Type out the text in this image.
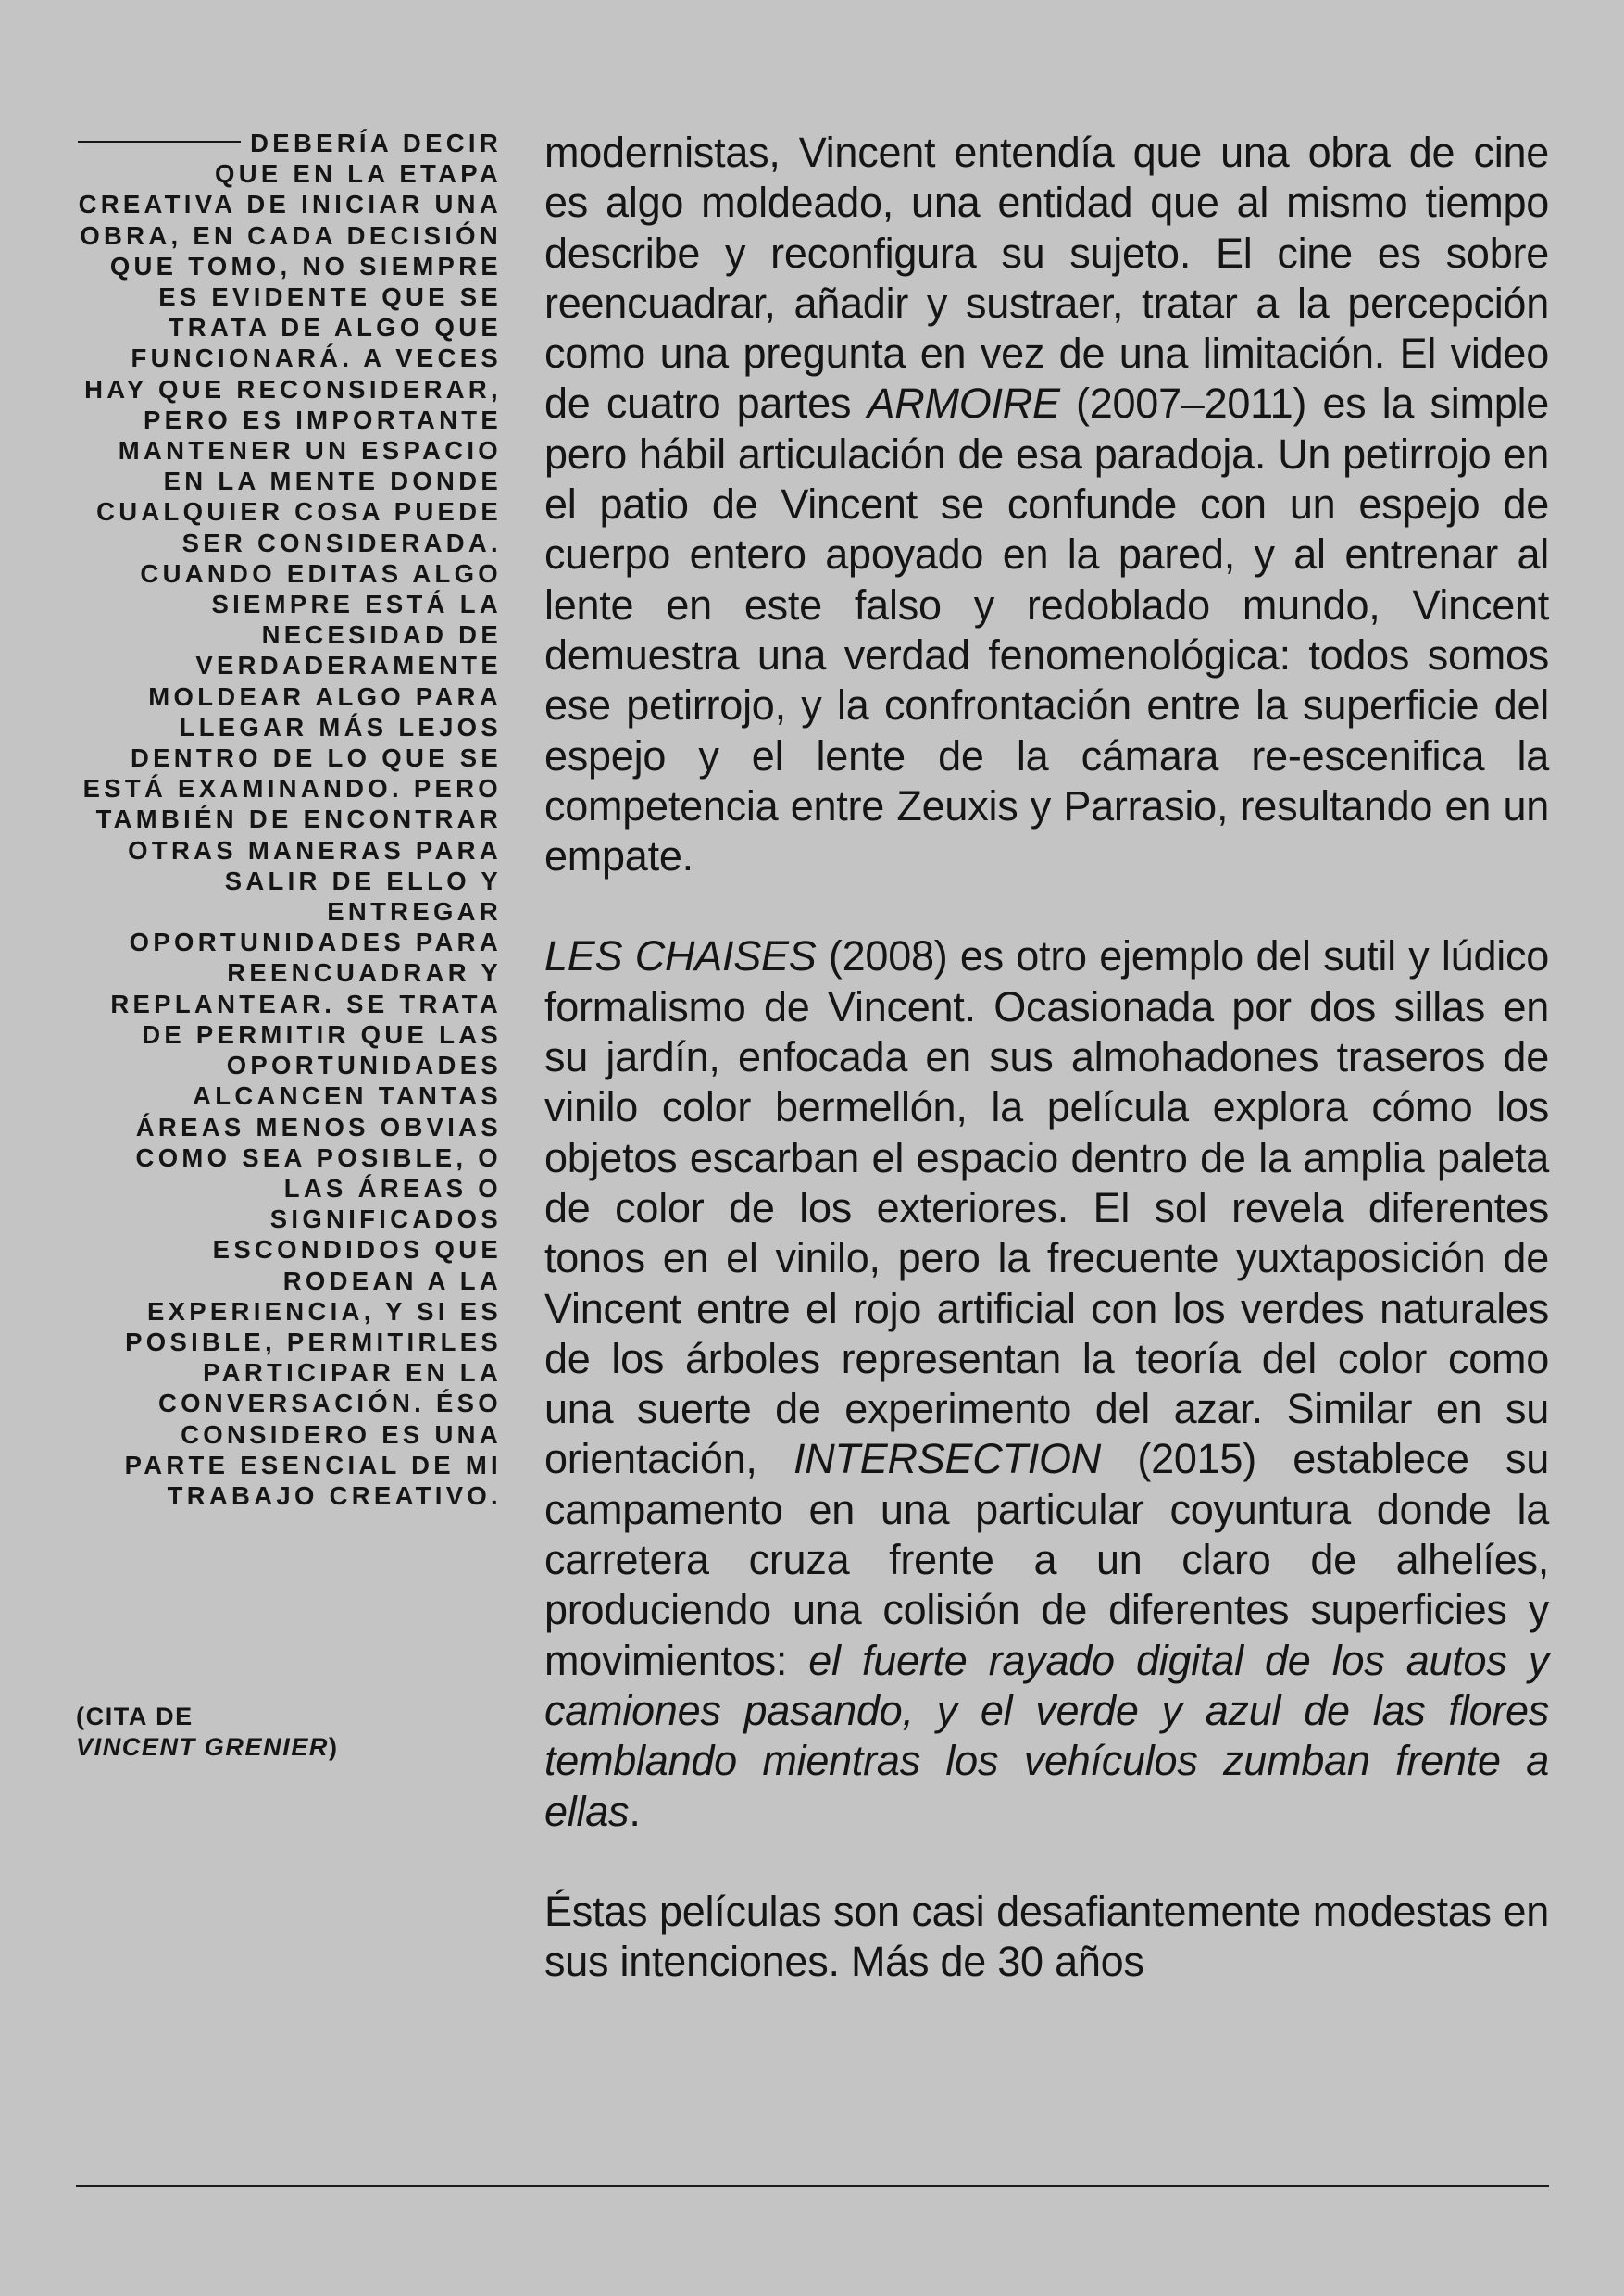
DEBERÍA DECIR QUE EN LA ETAPA CREATIVA DE INICIAR UNA OBRA, EN CADA DECISIÓN QUE TOMO, NO SIEMPRE ES EVIDENTE QUE SE TRATA DE ALGO QUE FUNCIONARÁ. A VECES HAY QUE RECONSIDERAR, PERO ES IMPORTANTE MANTENER UN ESPACIO EN LA MENTE DONDE CUALQUIER COSA PUEDE SER CONSIDERADA. CUANDO EDITAS ALGO SIEMPRE ESTÁ LA NECESIDAD DE VERDADERAMENTE MOLDEAR ALGO PARA LLEGAR MÁS LEJOS DENTRO DE LO QUE SE ESTÁ EXAMINANDO. PERO TAMBIÉN DE ENCONTRAR OTRAS MANERAS PARA SALIR DE ELLO Y ENTREGAR OPORTUNIDADES PARA REENCUADRAR Y REPLANTEAR. SE TRATA DE PERMITIR QUE LAS OPORTUNIDADES ALCANCEN TANTAS ÁREAS MENOS OBVIAS COMO SEA POSIBLE, O LAS ÁREAS O SIGNIFICADOS ESCONDIDOS QUE RODEAN A LA EXPERIENCIA, Y SI ES POSIBLE, PERMITIRLES PARTICIPAR EN LA CONVERSACIÓN. ÉSO CONSIDERO ES UNA PARTE ESENCIAL DE MI TRABAJO CREATIVO.
(CITA DE
VINCENT GRENIER)

modernistas, Vincent entendía que una obra de cine es algo moldeado, una entidad que al mismo tiempo describe y reconfigura su sujeto. El cine es sobre reencuadrar, añadir y sustraer, tratar a la percepción como una pregunta en vez de una limitación. El video de cuatro partes ARMOIRE (2007–2011) es la simple pero hábil articulación de esa paradoja. Un petirrojo en el patio de Vincent se confunde con un espejo de cuerpo entero apoyado en la pared, y al entrenar al lente en este falso y redoblado mundo, Vincent demuestra una verdad fenomenológica: todos somos ese petirrojo, y la confrontación entre la superficie del espejo y el lente de la cámara re-escenifica la competencia entre Zeuxis y Parrasio, resultando en un empate.

LES CHAISES (2008) es otro ejemplo del sutil y lúdico formalismo de Vincent. Ocasionada por dos sillas en su jardín, enfocada en sus almohadones traseros de vinilo color bermellón, la película explora cómo los objetos escarban el espacio dentro de la amplia paleta de color de los exteriores. El sol revela diferentes tonos en el vinilo, pero la frecuente yuxtaposición de Vincent entre el rojo artificial con los verdes naturales de los árboles representan la teoría del color como una suerte de experimento del azar. Similar en su orientación, INTERSECTION (2015) establece su campamento en una particular coyuntura donde la carretera cruza frente a un claro de alhelíes, produciendo una colisión de diferentes superficies y movimientos: el fuerte rayado digital de los autos y camiones pasando, y el verde y azul de las flores temblando mientras los vehículos zumban frente a ellas.

Éstas películas son casi desafiantemente modestas en sus intenciones. Más de 30 años
